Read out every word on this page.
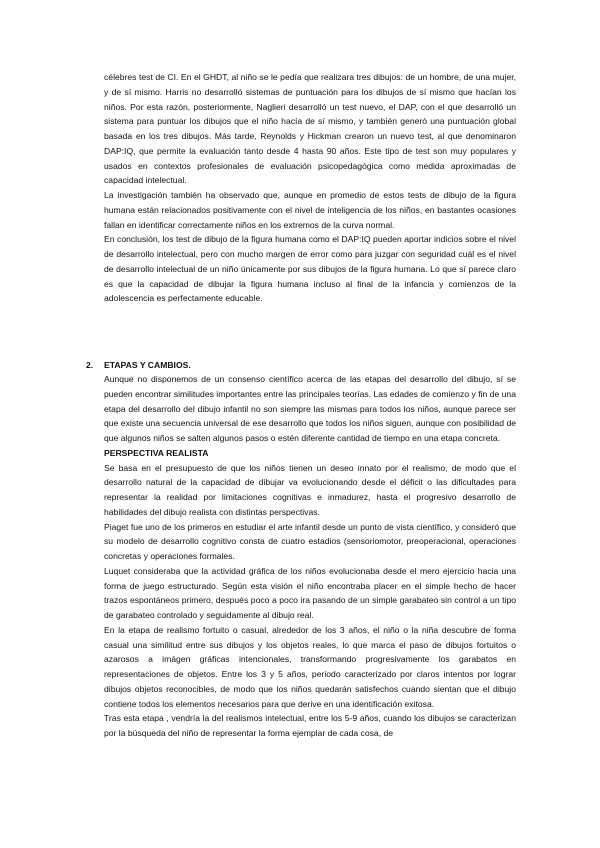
célebres test de CI. En el GHDT, al niño se le pedía que realizara tres dibujos: de un hombre, de una mujer, y de sí mismo. Harris no desarrolló sistemas de puntuación para los dibujos de sí mismo que hacían los niños. Por esta razón, posteriormente, Naglieri desarrolló un test nuevo, el DAP, con el que desarrolló un sistema para puntuar los dibujos que el niño hacía de sí mismo, y también generó una puntuación global basada en los tres dibujos. Más tarde, Reynolds y Hickman crearon un nuevo test, al que denominaron DAP:IQ, que permite la evaluación tanto desde 4 hasta 90 años. Este tipo de test son muy populares y usados en contextos profesionales de evaluación psicopedagógica como medida aproximadas de capacidad intelectual.

La investigación también ha observado que, aunque en promedio de estos tests de dibujo de la figura humana están relacionados positivamente con el nivel de inteligencia de los niños, en bastantes ocasiones fallan en identificar correctamente niños en los extremos de la curva normal.

En conclusión, los test de dibujo de la figura humana como el DAP:IQ pueden aportar indicios sobre el nivel de desarrollo intelectual, pero con mucho margen de error como para juzgar con seguridad cuál es el nivel de desarrollo intelectual de un niño únicamente por sus dibujos de la figura humana. Lo que sí parece claro es que la capacidad de dibujar la figura humana incluso al final de la infancia y comienzos de la adolescencia es perfectamente educable.

2. ETAPAS Y CAMBIOS.

Aunque no disponemos de un consenso científico acerca de las etapas del desarrollo del dibujo, sí se pueden encontrar similitudes importantes entre las principales teorías. Las edades de comienzo y fin de una etapa del desarrollo del dibujo infantil no son siempre las mismas para todos los niños, aunque parece ser que existe una secuencia universal de ese desarrollo que todos los niños siguen, aunque con posibilidad de que algunos niños se salten algunos pasos o estén diferente cantidad de tiempo en una etapa concreta.

PERSPECTIVA REALISTA

Se basa en el presupuesto de que los niños tienen un deseo innato por el realismo, de modo que el desarrollo natural de la capacidad de dibujar va evolucionando desde el déficit o las dificultades para representar la realidad por limitaciones cognitivas e inmadurez, hasta el progresivo desarrollo de habilidades del dibujo realista con distintas perspectivas.

Piaget fue uno de los primeros en estudiar el arte infantil desde un punto de vista científico, y consideró que su modelo de desarrollo cognitivo consta de cuatro estadios (sensoriomotor, preoperacional, operaciones concretas y operaciones formales.

Luquet consideraba que la actividad gráfica de los niños evolucionaba desde el mero ejercicio hacia una forma de juego estructurado. Según esta visión el niño encontraba placer en el simple hecho de hacer trazos espontáneos primero, después poco a poco ira pasando de un simple garabateo sin control a un tipo de garabateo controlado y seguidamente al dibujo real.

En la etapa de realismo fortuito o casual, alrededor de los 3 años, el niño o la niña descubre de forma casual una similitud entre sus dibujos y los objetos reales, lo que marca el paso de dibujos fortuitos o azarosos a imágen gráficas intencionales, transformando progresivamente los garabatos en representaciones de objetos. Entre los 3 y 5 años, periodo caracterizado por claros intentos por lograr dibujos objetos reconocibles, de modo que los niños quedarán satisfechos cuando sientan que el dibujo contiene todos los elementos necesarios para que derive en una identificación exitosa.

Tras esta etapa , vendría la del realismos intelectual, entre los 5-9 años, cuando los dibujos se caracterizan por la búsqueda del niño de representar la forma ejemplar de cada cosa, de
